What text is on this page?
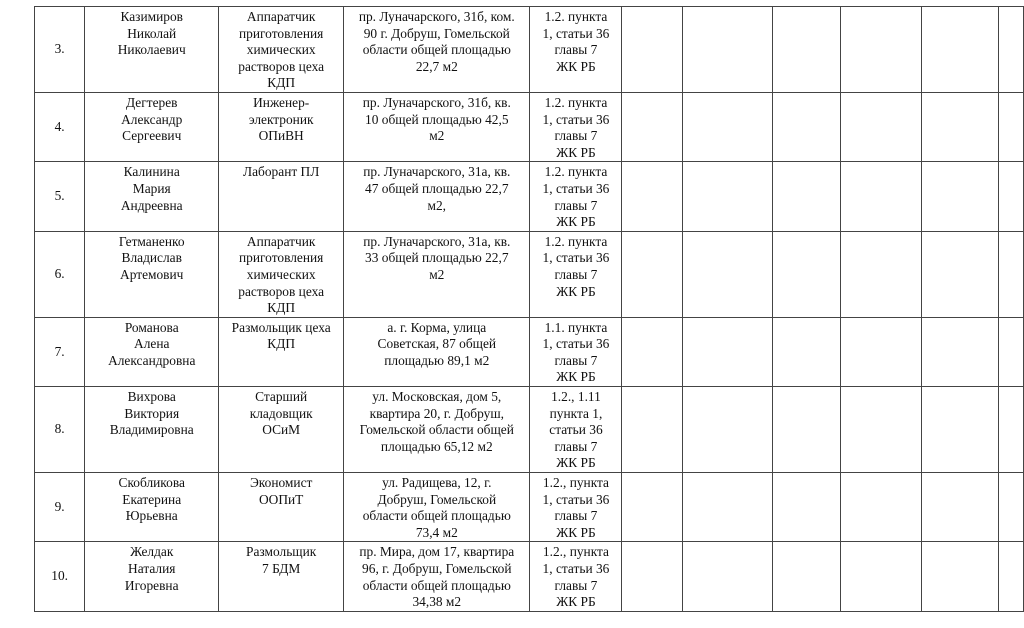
3.	Казимиров
Николай
Николаевич	Аппаратчик
приготовления
химических
растворов цеха
КДП	пр. Луначарского, 31б, ком.
90 г. Добруш, Гомельской
области общей площадью
22,7 м2	1.2. пункта
1, статьи 36
главы 7
ЖК РБ						

4.	Дегтерев
Александр
Сергеевич	Инженер-
электроник
ОПиВН	пр. Луначарского, 31б, кв.
10 общей площадью 42,5
м2	1.2. пункта
1, статьи 36
главы 7
ЖК РБ						

5.	Калинина
Мария
Андреевна	Лаборант ПЛ	пр. Луначарского, 31а, кв.
47 общей площадью 22,7
м2,	1.2. пункта
1, статьи 36
главы 7
ЖК РБ						

6.	Гетманенко
Владислав
Артемович	Аппаратчик
приготовления
химических
растворов цеха
КДП	пр. Луначарского, 31а, кв.
33 общей площадью 22,7
м2	1.2. пункта
1, статьи 36
главы 7
ЖК РБ						

7.	Романова
Алена
Александровна	Размольщик цеха
КДП	а. г. Корма, улица
Советская, 87 общей
площадью 89,1 м2	1.1. пункта
1, статьи 36
главы 7
ЖК РБ						

8.	Вихрова
Виктория
Владимировна	Старший
кладовщик
ОСиМ	ул. Московская, дом 5,
квартира 20, г. Добруш,
Гомельской области общей
площадью 65,12 м2	1.2., 1.11
пункта 1,
статьи 36
главы 7
ЖК РБ						

9.	Скобликова
Екатерина
Юрьевна	Экономист
ООПиТ	ул. Радищева, 12, г.
Добруш, Гомельской
области общей площадью
73,4 м2	1.2., пункта
1, статьи 36
главы 7
ЖК РБ						

10.	Желдак
Наталия
Игоревна	Размольщик
7 БДМ	пр. Мира, дом 17, квартира
96, г. Добруш, Гомельской
области общей площадью
34,38 м2	1.2., пункта
1, статьи 36
главы 7
ЖК РБ						
